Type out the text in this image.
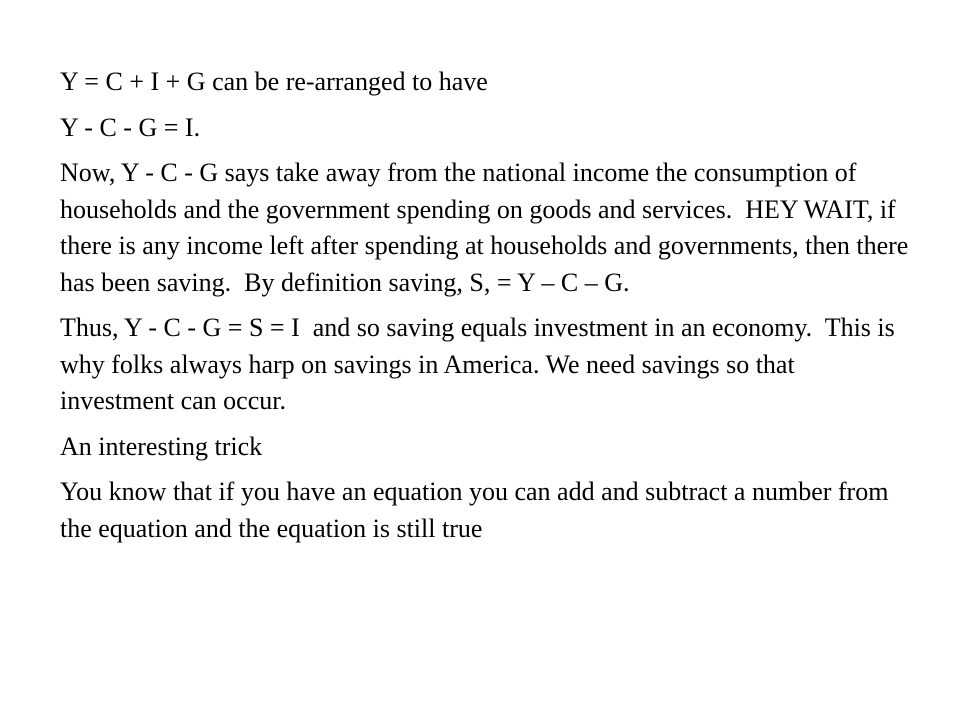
Y = C + I + G can be re-arranged to have

Y - C - G = I.

Now, Y - C - G says take away from the national income the consumption of households and the government spending on goods and services.  HEY WAIT, if there is any income left after spending at households and governments, then there has been saving.  By definition saving, S, = Y – C – G.

Thus, Y - C - G = S = I  and so saving equals investment in an economy.  This is why folks always harp on savings in America. We need savings so that investment can occur.

An interesting trick

You know that if you have an equation you can add and subtract a number from the equation and the equation is still true
